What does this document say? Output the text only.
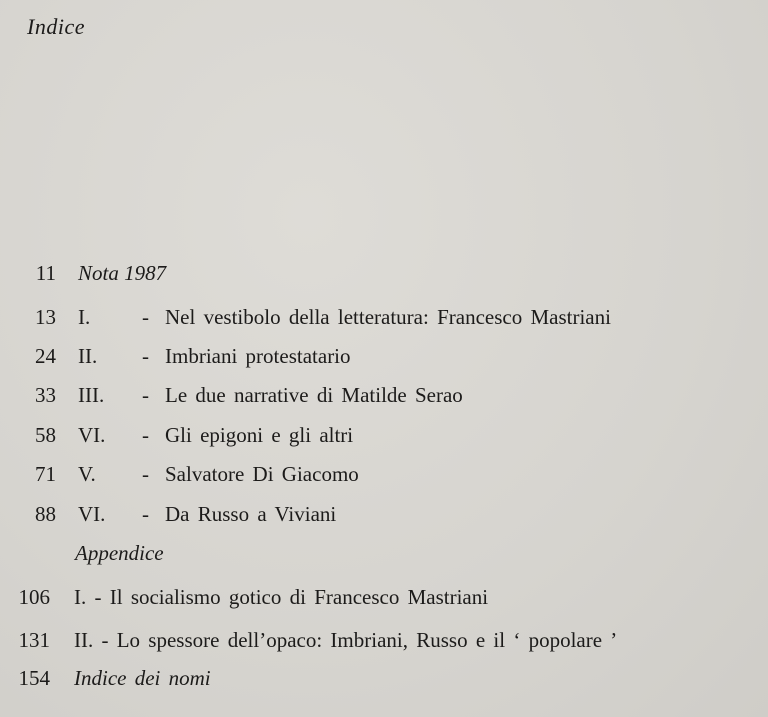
Indice
11 Nota 1987
13 I. - Nel vestibolo della letteratura: Francesco Mastriani
24 II. - Imbriani protestatario
33 III. - Le due narrative di Matilde Serao
58 VI. - Gli epigoni e gli altri
71 V. - Salvatore Di Giacomo
88 VI. - Da Russo a Viviani
Appendice
106 I. - Il socialismo gotico di Francesco Mastriani
131 II. - Lo spessore dell’opaco: Imbriani, Russo e il ‘ popolare ’
154 Indice dei nomi
